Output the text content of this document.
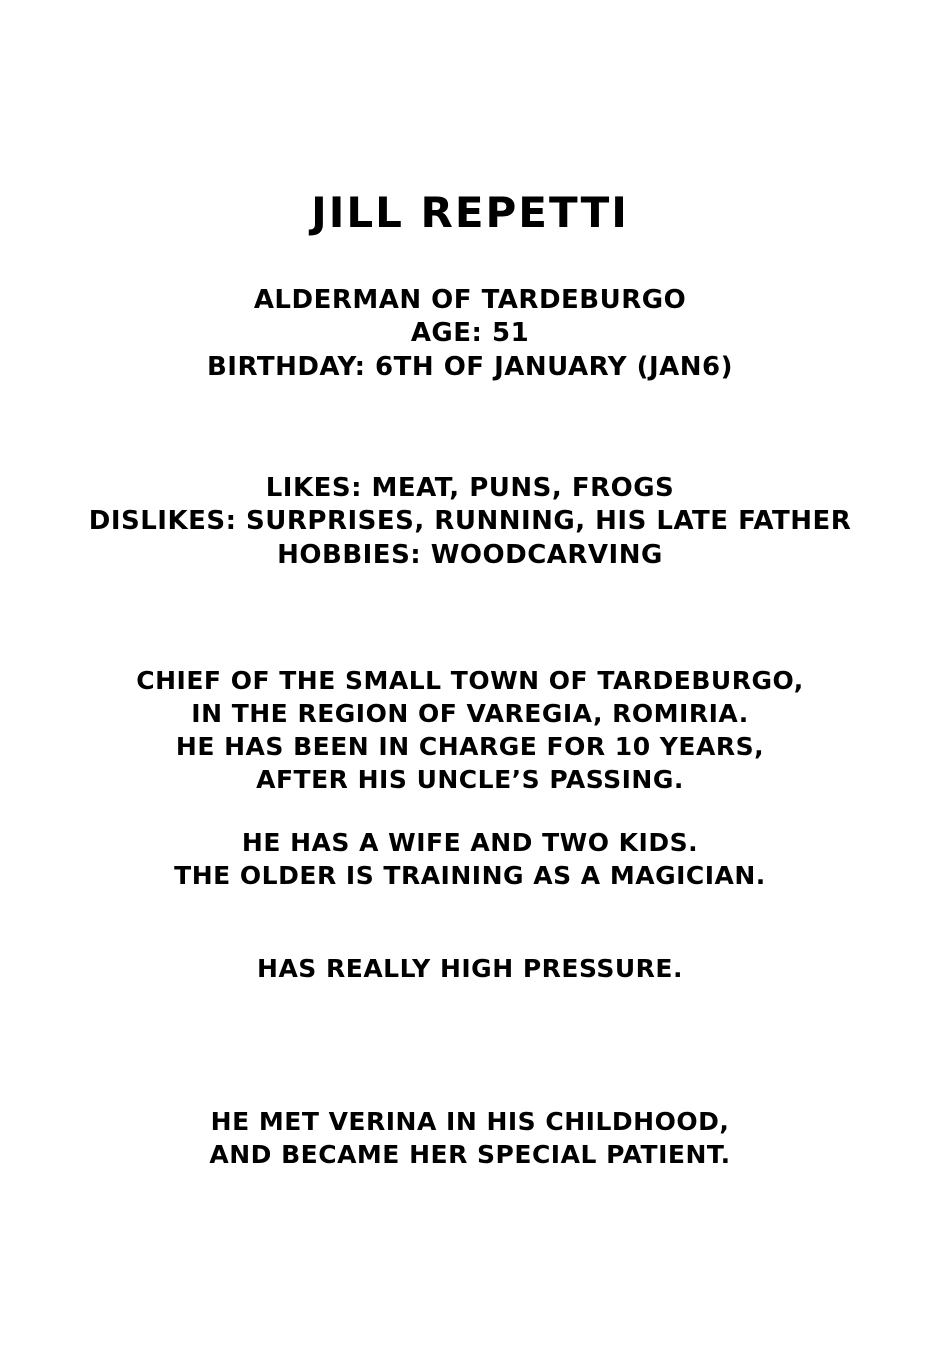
JILL REPETTI
ALDERMAN OF TARDEBURGO
AGE: 51
BIRTHDAY: 6TH OF JANUARY (JAN6)
LIKES: MEAT, PUNS, FROGS
DISLIKES: SURPRISES, RUNNING, HIS LATE FATHER
HOBBIES: WOODCARVING
CHIEF OF THE SMALL TOWN OF TARDEBURGO,
IN THE REGION OF VAREGIA, ROMIRIA.
HE HAS BEEN IN CHARGE FOR 10 YEARS,
AFTER HIS UNCLE’S PASSING.
HE HAS A WIFE AND TWO KIDS.
THE OLDER IS TRAINING AS A MAGICIAN.
HAS REALLY HIGH PRESSURE.
HE MET VERINA IN HIS CHILDHOOD,
AND BECAME HER SPECIAL PATIENT.
